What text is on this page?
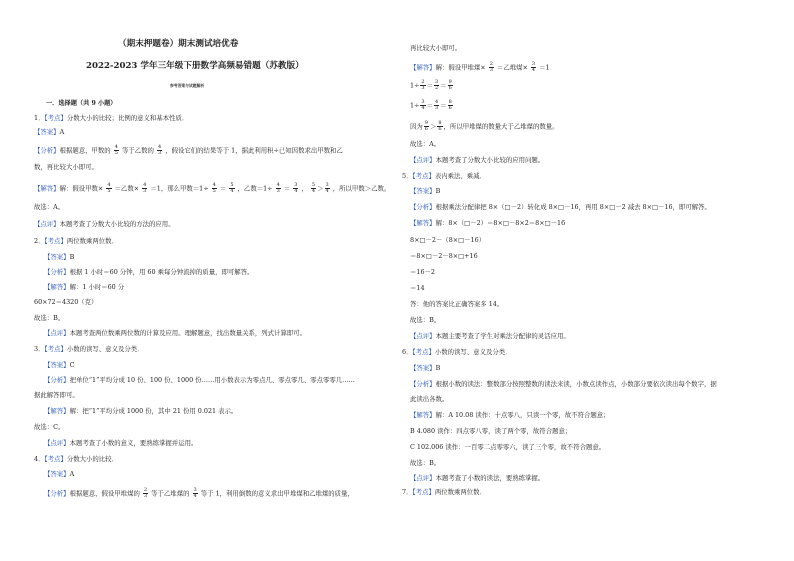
（期末押题卷）期末测试培优卷
2022-2023 学年三年级下册数学高频易错题（苏教版）
参考答案与试题解析
一．选择题（共 9 小题）
1．【考点】分数大小的比较；比例的意义和基本性质．
【答案】A
【分析】根据题意，甲数的 $\frac{4}{5}$ 等于乙数的 $\frac{4}{3}$ ，假设它们的结果等于 1，据此利用积÷已知因数求出甲数和乙
数，再比较大小即可。
【解答】解：假设甲数× $\frac{4}{5}$ ＝乙数× $\frac{4}{3} =1$，那么甲数$=1\div \frac{4}{5} = \frac{5}{4}$ ，乙数$=1\div \frac{4}{3} = \frac{3}{4}$ ， $\frac{5}{4} > \frac{3}{4}$ ，所以甲数＞乙数。
故选：A。
【点评】本题考查了分数大小比较的方法的应用。
2．【考点】两位数乘两位数．
【答案】B
【分析】根据 1 小时＝60 分钟，用 60 乘每分钟流掉的质量，即可解答。
【解答】解：1 小时＝60 分
60×72＝4320（克）
故选：B。
【点评】本题考查两位数乘两位数的计算及应用。理解题意，找出数量关系，列式计算即可。
3．【考点】小数的读写、意义及分类．
【答案】C
【分析】把单位“1”平均分成 10 份、100 份、1000 份……用小数表示为零点几、零点零几、零点零零几……
据此解答即可。
【解答】解：把“1”平均分成 1000 份，其中 21 份用 0.021 表示。
故选：C。
【点评】本题考查了小数的意义，要熟练掌握并运用。
4．【考点】分数大小的比较．
【答案】A
【分析】根据题意，假设甲堆煤的 $\frac{2}{3}$ 等于乙堆煤的 $\frac{3}{4}$ 等于 1，利用倒数的意义求出甲堆煤和乙堆煤的质量，
再比较大小即可。
【解答】解：假设甲堆煤× $\frac{2}{3}$ ＝乙堆煤× $\frac{3}{4} =1$
$1\div \frac{2}{3} = \frac{3}{2} = \frac{9}{6}$
$1\div \frac{3}{4} = \frac{4}{3} = \frac{8}{6}$
因为 $\frac{9}{6} > \frac{8}{6}$ ，所以甲堆煤的数量大于乙堆煤的数量。
故选：A。
【点评】本题考查了分数大小比较的应用问题。
5．【考点】表内乘法、乘减．
【答案】B
【分析】根据乘法分配律把 8×（□－2）转化成 8×□－16，再用 8×□－2 减去 8×□－16，即可解答。
【解答】解：8×（□－2）＝8×□－8×2＝8×□－16
8×□－2－（8×□－16）
＝8×□－2－8×□+16
＝16－2
＝14
答：他的答案比正确答案多 14。
故选：B。
【点评】本题主要考查了学生对乘法分配律的灵活应用。
6．【考点】小数的读写、意义及分类．
【答案】B
【分析】根据小数的读法：整数部分按照整数的读法来读，小数点读作点，小数部分要依次读出每个数字，据
此读出各数。
【解答】解：A 10.08 读作：十点零八，只读一个零，故不符合题意；
B 4.080 读作：四点零八零，读了两个零，故符合题意；
C 102.006 读作：一百零二点零零六，读了三个零，故不符合题意。
故选：B。
【点评】本题考查了小数的读法，要熟练掌握。
7．【考点】两位数乘两位数．
